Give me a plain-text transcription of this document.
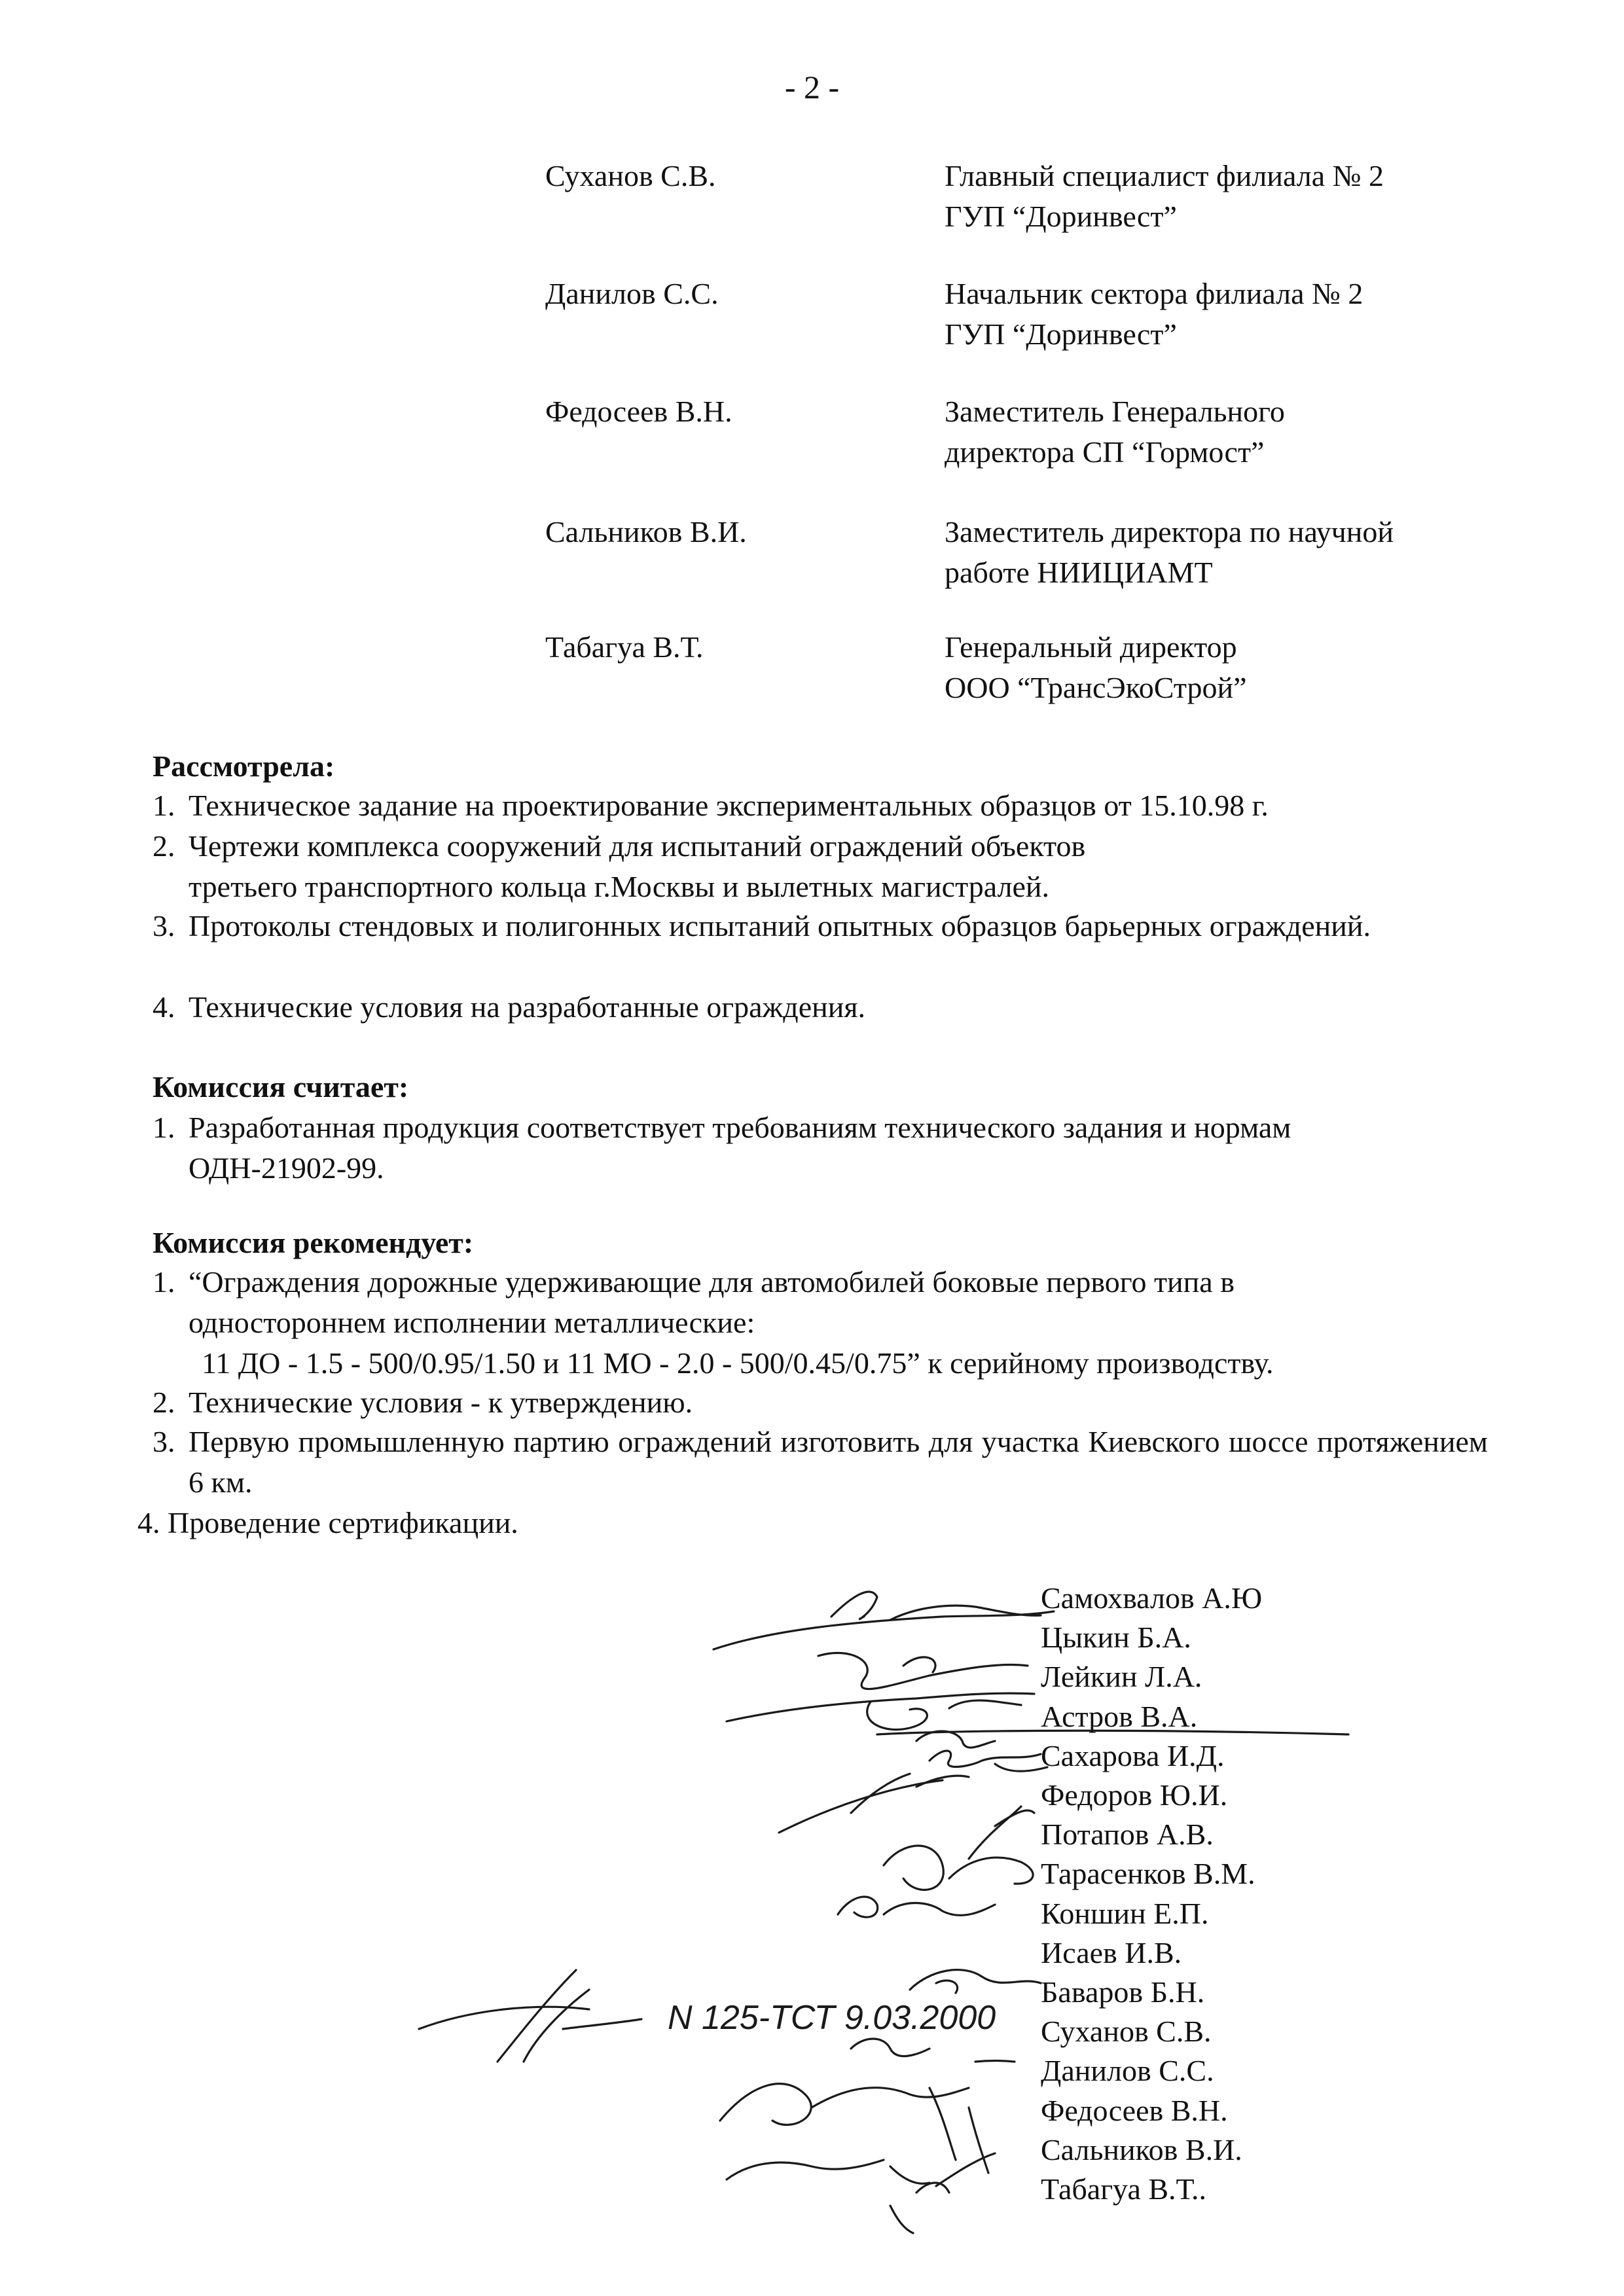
- 2 -
Суханов С.В.	Главный специалист филиала № 2
ГУП “Доринвест”
Данилов С.С.	Начальник сектора филиала № 2
ГУП “Доринвест”
Федосеев В.Н.	Заместитель Генерального
директора СП “Гормост”
Сальников В.И.	Заместитель директора по научной
работе НИИЦИАМТ
Табагуа В.Т.	Генеральный директор
ООО “ТрансЭкоСтрой”
Рассмотрела:
1. Техническое задание на проектирование экспериментальных образцов от 15.10.98 г.
2. Чертежи комплекса сооружений для испытаний ограждений объектов третьего транспортного кольца г.Москвы и вылетных магистралей.
3. Протоколы стендовых и полигонных испытаний опытных образцов барьерных ограждений.
4. Технические условия на разработанные ограждения.
Комиссия считает:
1. Разработанная продукция соответствует требованиям технического задания и нормам ОДН-21902-99.
Комиссия рекомендует:
1. “Ограждения дорожные удерживающие для автомобилей боковые первого типа в одностороннем исполнении металлические:
11 ДО - 1.5 - 500/0.95/1.50 и 11 МО - 2.0 - 500/0.45/0.75” к серийному производству.
2. Технические условия - к утверждению.
3. Первую промышленную партию ограждений изготовить для участка Киевского шоссе протяжением 6 км.
4. Проведение сертификации.
Самохвалов А.Ю
Цыкин Б.А.
Лейкин Л.А.
Астров В.А.
Сахарова И.Д.
Федоров Ю.И.
Потапов А.В.
Тарасенков В.М.
Коншин Е.П.
Исаев И.В.
Баваров Б.Н.
Суханов С.В.
Данилов С.С.
Федосеев В.Н.
Сальников В.И.
Табагуа В.Т..
N 125-ТСТ 9.03.2000
